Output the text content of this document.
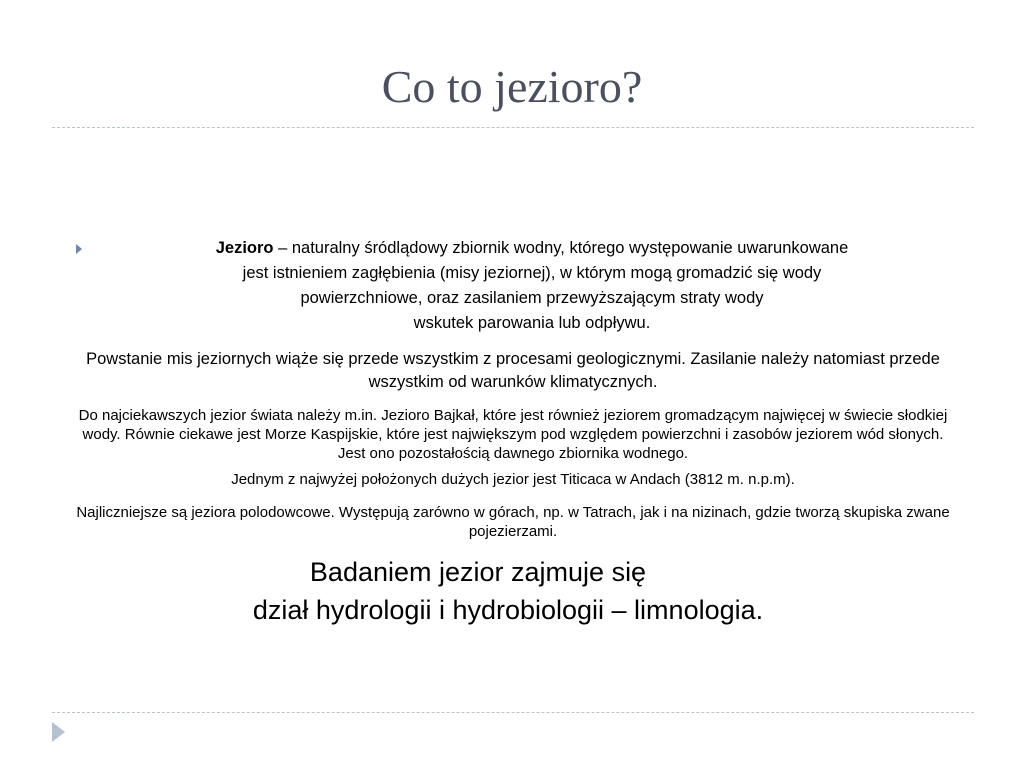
Co to jezioro?
Jezioro – naturalny śródlądowy zbiornik wodny, którego występowanie uwarunkowane
jest istnieniem zagłębienia (misy jeziornej), w którym mogą gromadzić się wody
powierzchniowe, oraz zasilaniem przewyższającym straty wody
wskutek parowania lub odpływu.
Powstanie mis jeziornych wiąże się przede wszystkim z procesami geologicznymi. Zasilanie należy natomiast przede wszystkim od warunków klimatycznych.
Do najciekawszych jezior świata należy m.in. Jezioro Bajkał, które jest również jeziorem gromadzącym najwięcej w świecie słodkiej wody. Równie ciekawe jest Morze Kaspijskie, które jest największym pod względem powierzchni i zasobów jeziorem wód słonych. Jest ono pozostałością dawnego zbiornika wodnego.
Jednym z najwyżej położonych dużych jezior jest Titicaca w Andach (3812 m. n.p.m).
Najliczniejsze są jeziora polodowcowe. Występują zarówno w górach, np. w Tatrach, jak i na nizinach, gdzie tworzą skupiska zwane pojezierzami.
Badaniem jezior zajmuje się
dział hydrologii i hydrobiologii – limnologia.
